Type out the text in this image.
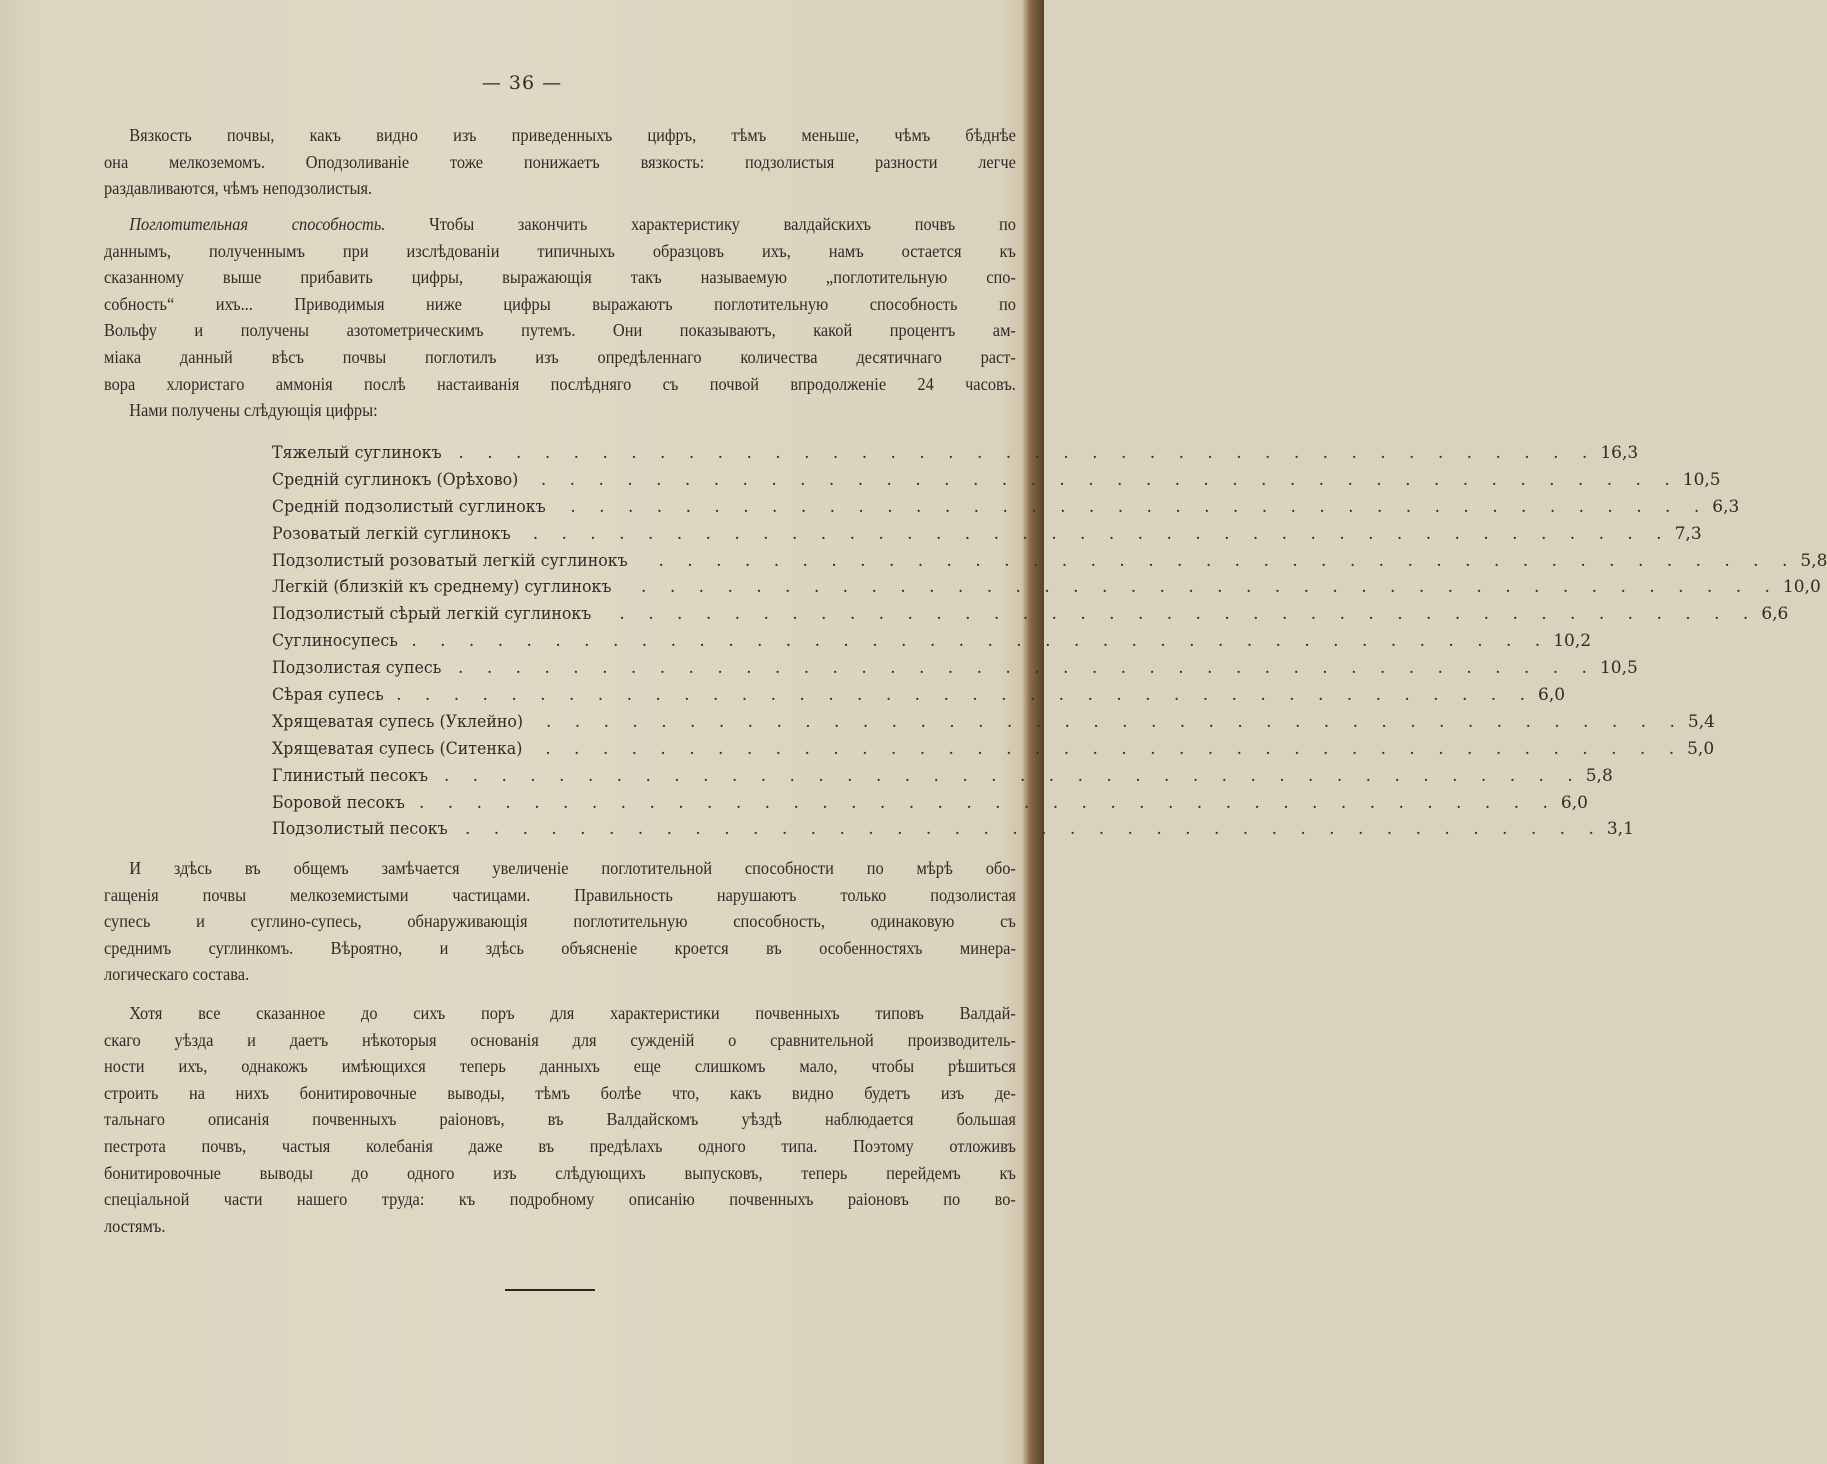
— 36 —
Вязкость почвы, какъ видно изъ приведенныхъ цифръ, тѣмъ меньше, чѣмъ бѣднѣе
она мелкоземомъ. Оподзоливаніе тоже понижаетъ вязкость: подзолистыя разности легче
раздавливаются, чѣмъ неподзолистыя.
Поглотительная способность. Чтобы закончить характеристику валдайскихъ почвъ по
даннымъ, полученнымъ при изслѣдованіи типичныхъ образцовъ ихъ, намъ остается къ
сказанному выше прибавить цифры, выражающія такъ называемую „поглотительную спо-
собность“ ихъ... Приводимыя ниже цифры выражаютъ поглотительную способность по
Вольфу и получены азотометрическимъ путемъ. Они показываютъ, какой процентъ ам-
міака данный вѣсъ почвы поглотилъ изъ опредѣленнаго количества десятичнаго раст-
вора хлористаго аммонія послѣ настаиванія послѣдняго съ почвой впродолженіе 24 часовъ.
Нами получены слѣдующія цифры:
Тяжелый суглинокъ . . . . . . . . . . . . . . . . . . . . . . . . . . . . . . . . . . . . . . . . 16,3
Средній суглинокъ (Орѣхово) . . . . . . . . . . . . . . . . . . . . . . . . . . . . . . . . . . . . . . . . 10,5
Средній подзолистый суглинокъ . . . . . . . . . . . . . . . . . . . . . . . . . . . . . . . . . . . . . . . . 6,3
Розоватый легкій суглинокъ . . . . . . . . . . . . . . . . . . . . . . . . . . . . . . . . . . . . . . . . 7,3
Подзолистый розоватый легкій суглинокъ . . . . . . . . . . . . . . . . . . . . . . . . . . . . . . . . . . . . . . . . 5,8
Легкій (близкій къ среднему) суглинокъ . . . . . . . . . . . . . . . . . . . . . . . . . . . . . . . . . . . . . . . . 10,0
Подзолистый сѣрый легкій суглинокъ . . . . . . . . . . . . . . . . . . . . . . . . . . . . . . . . . . . . . . . . 6,6
Суглиносупесь . . . . . . . . . . . . . . . . . . . . . . . . . . . . . . . . . . . . . . . . 10,2
Подзолистая супесь . . . . . . . . . . . . . . . . . . . . . . . . . . . . . . . . . . . . . . . . 10,5
Сѣрая супесь . . . . . . . . . . . . . . . . . . . . . . . . . . . . . . . . . . . . . . . . 6,0
Хрящеватая супесь (Уклейно) . . . . . . . . . . . . . . . . . . . . . . . . . . . . . . . . . . . . . . . . 5,4
Хрящеватая супесь (Ситенка) . . . . . . . . . . . . . . . . . . . . . . . . . . . . . . . . . . . . . . . . 5,0
Глинистый песокъ . . . . . . . . . . . . . . . . . . . . . . . . . . . . . . . . . . . . . . . . 5,8
Боровой песокъ . . . . . . . . . . . . . . . . . . . . . . . . . . . . . . . . . . . . . . . . 6,0
Подзолистый песокъ . . . . . . . . . . . . . . . . . . . . . . . . . . . . . . . . . . . . . . . . 3,1
И здѣсь въ общемъ замѣчается увеличеніе поглотительной способности по мѣрѣ обо-
гащенія почвы мелкоземистыми частицами. Правильность нарушаютъ только подзолистая
супесь и суглино-супесь, обнаруживающія поглотительную способность, одинаковую съ
среднимъ суглинкомъ. Вѣроятно, и здѣсь объясненіе кроется въ особенностяхъ минера-
логическаго состава.
Хотя все сказанное до сихъ поръ для характеристики почвенныхъ типовъ Валдай-
скаго уѣзда и даетъ нѣкоторыя основанія для сужденій о сравнительной производитель-
ности ихъ, однакожъ имѣющихся теперь данныхъ еще слишкомъ мало, чтобы рѣшиться
строить на нихъ бонитировочные выводы, тѣмъ болѣе что, какъ видно будетъ изъ де-
тальнаго описанія почвенныхъ раіоновъ, въ Валдайскомъ уѣздѣ наблюдается большая
пестрота почвъ, частыя колебанія даже въ предѣлахъ одного типа. Поэтому отложивъ
бонитировочные выводы до одного изъ слѣдующихъ выпусковъ, теперь перейдемъ къ
спеціальной части нашего труда: къ подробному описанію почвенныхъ раіоновъ по во-
лостямъ.
